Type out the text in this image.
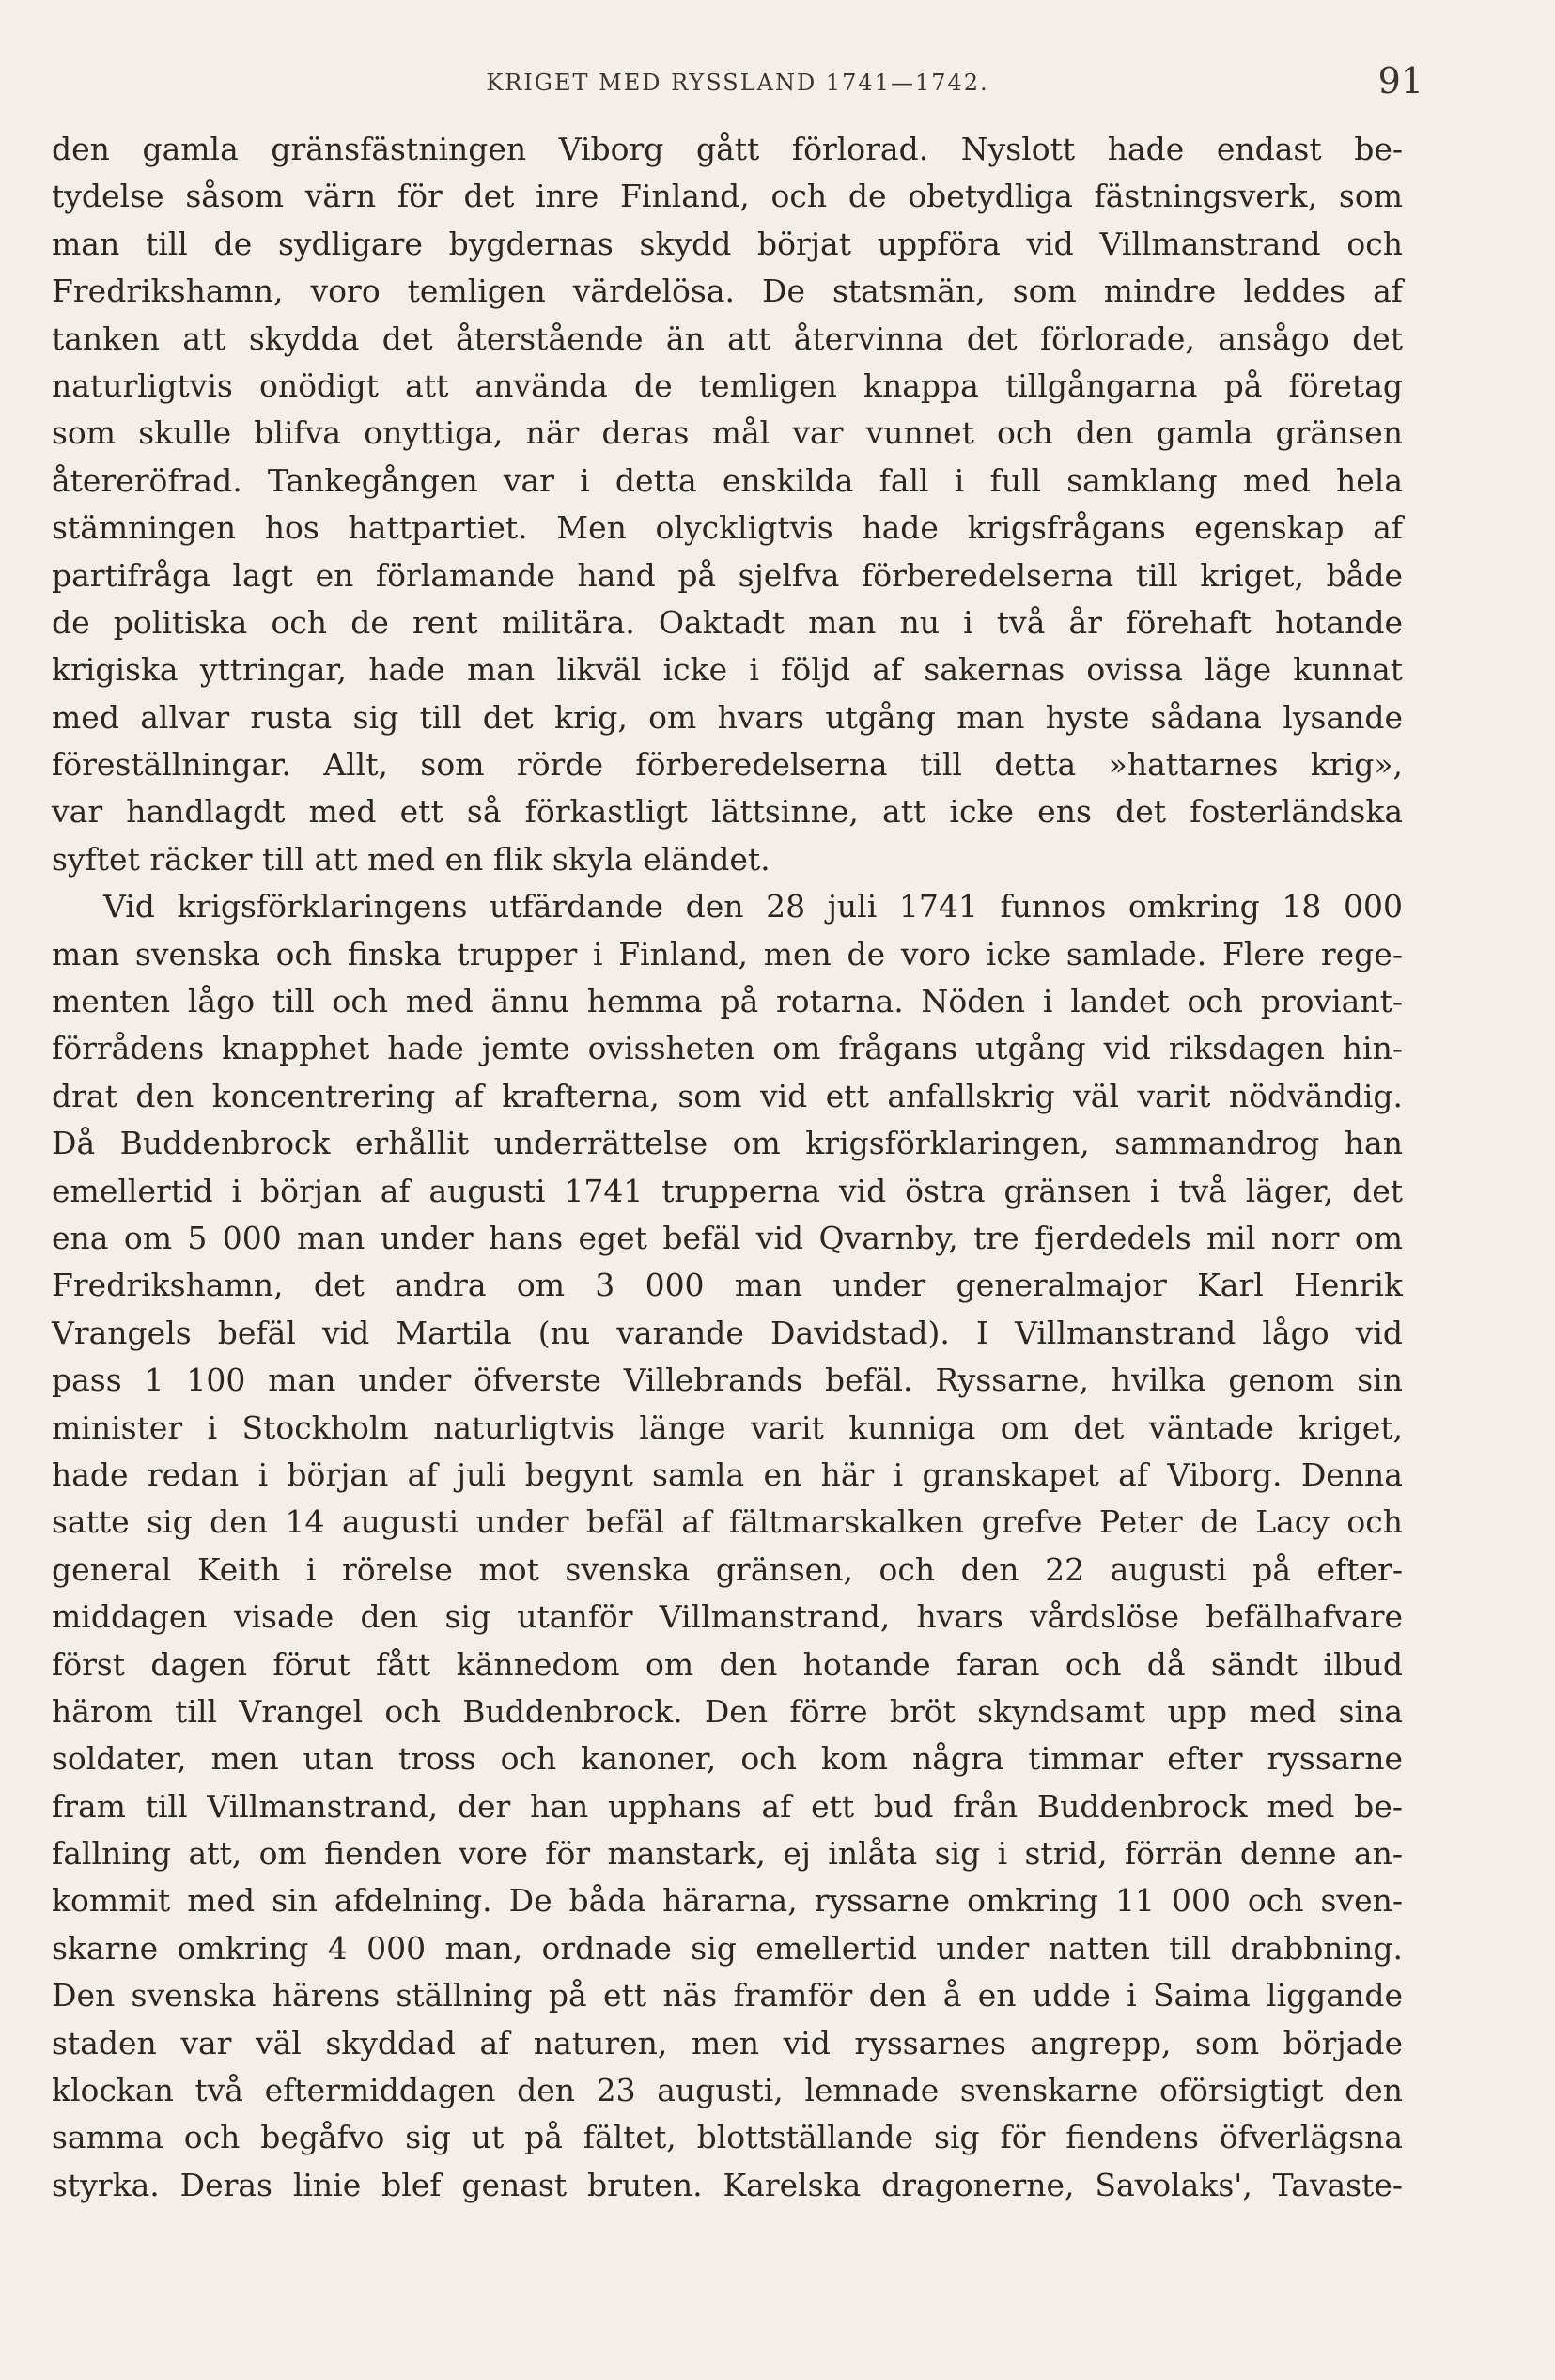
KRIGET MED RYSSLAND 1741—1742.	91
den gamla gränsfästningen Viborg gått förlorad. Nyslott hade endast be-
tydelse såsom värn för det inre Finland, och de obetydliga fästningsverk, som
man till de sydligare bygdernas skydd börjat uppföra vid Villmanstrand och
Fredrikshamn, voro temligen värdelösa. De statsmän, som mindre leddes af
tanken att skydda det återstående än att återvinna det förlorade, ansågo det
naturligtvis onödigt att använda de temligen knappa tillgångarna på företag
som skulle blifva onyttiga, när deras mål var vunnet och den gamla gränsen
återeröfrad. Tankegången var i detta enskilda fall i full samklang med hela
stämningen hos hattpartiet. Men olyckligtvis hade krigsfrågans egenskap af
partifråga lagt en förlamande hand på sjelfva förberedelserna till kriget, både
de politiska och de rent militära. Oaktadt man nu i två år förehaft hotande
krigiska yttringar, hade man likväl icke i följd af sakernas ovissa läge kunnat
med allvar rusta sig till det krig, om hvars utgång man hyste sådana lysande
föreställningar. Allt, som rörde förberedelserna till detta »hattarnes krig»,
var handlagdt med ett så förkastligt lättsinne, att icke ens det fosterländska
syftet räcker till att med en flik skyla eländet.
Vid krigsförklaringens utfärdande den 28 juli 1741 funnos omkring 18 000
man svenska och finska trupper i Finland, men de voro icke samlade. Flere rege-
menten lågo till och med ännu hemma på rotarna. Nöden i landet och proviant-
förrådens knapphet hade jemte ovissheten om frågans utgång vid riksdagen hin-
drat den koncentrering af krafterna, som vid ett anfallskrig väl varit nödvändig.
Då Buddenbrock erhållit underrättelse om krigsförklaringen, sammandrog han
emellertid i början af augusti 1741 trupperna vid östra gränsen i två läger, det
ena om 5 000 man under hans eget befäl vid Qvarnby, tre fjerdedels mil norr om
Fredrikshamn, det andra om 3 000 man under generalmajor Karl Henrik
Vrangels befäl vid Martila (nu varande Davidstad). I Villmanstrand lågo vid
pass 1 100 man under öfverste Villebrands befäl. Ryssarne, hvilka genom sin
minister i Stockholm naturligtvis länge varit kunniga om det väntade kriget,
hade redan i början af juli begynt samla en här i granskapet af Viborg. Denna
satte sig den 14 augusti under befäl af fältmarskalken grefve Peter de Lacy och
general Keith i rörelse mot svenska gränsen, och den 22 augusti på efter-
middagen visade den sig utanför Villmanstrand, hvars vårdslöse befälhafvare
först dagen förut fått kännedom om den hotande faran och då sändt ilbud
härom till Vrangel och Buddenbrock. Den förre bröt skyndsamt upp med sina
soldater, men utan tross och kanoner, och kom några timmar efter ryssarne
fram till Villmanstrand, der han upphans af ett bud från Buddenbrock med be-
fallning att, om fienden vore för manstark, ej inlåta sig i strid, förrän denne an-
kommit med sin afdelning. De båda härarna, ryssarne omkring 11 000 och sven-
skarne omkring 4 000 man, ordnade sig emellertid under natten till drabbning.
Den svenska härens ställning på ett näs framför den å en udde i Saima liggande
staden var väl skyddad af naturen, men vid ryssarnes angrepp, som började
klockan två eftermiddagen den 23 augusti, lemnade svenskarne oförsigtigt den
samma och begåfvo sig ut på fältet, blottställande sig för fiendens öfverlägsna
styrka. Deras linie blef genast bruten. Karelska dragonerne, Savolaks', Tavaste-
